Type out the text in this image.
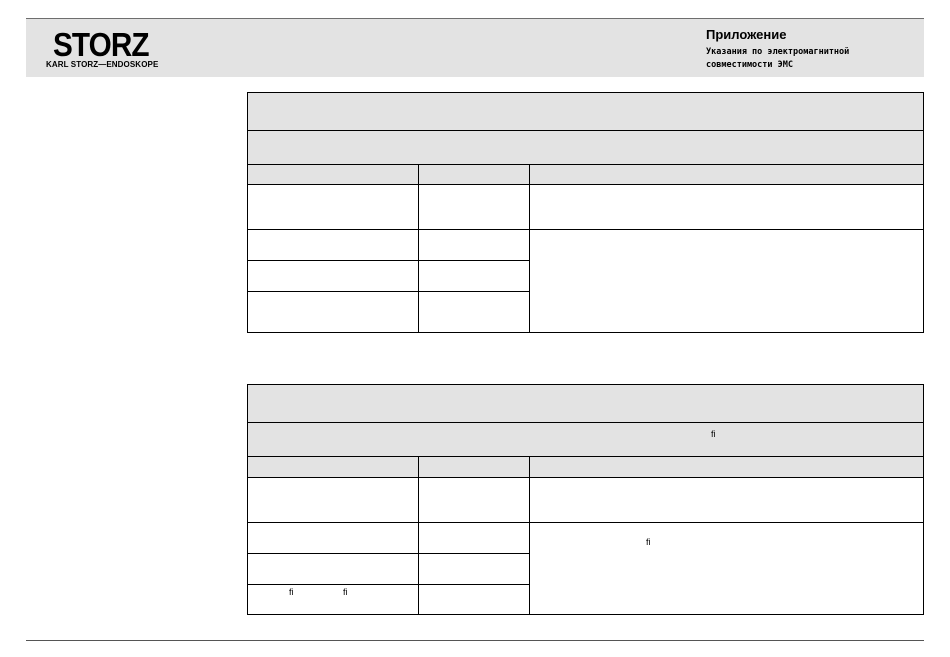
STORZ
KARL STORZ—ENDOSKOPE
Приложение
Указания по электромагнитной
совместимости ЭМС
ﬁ
ﬁ	ﬁ
ﬁ
